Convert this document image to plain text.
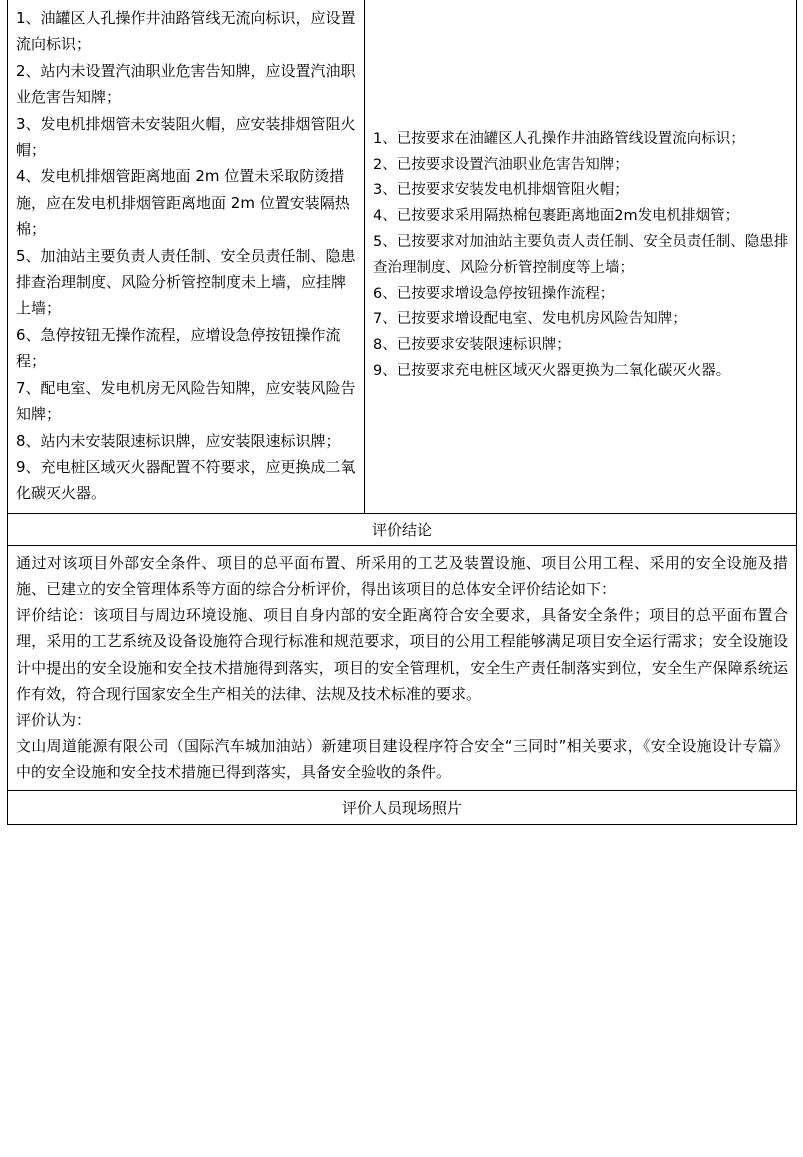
1、油罐区人孔操作井油路管线无流向标识，应设置流向标识；

2、站内未设置汽油职业危害告知牌，应设置汽油职业危害告知牌；

3、发电机排烟管未安装阻火帽，应安装排烟管阻火帽；

4、发电机排烟管距离地面 2m 位置未采取防烫措施，应在发电机排烟管距离地面 2m 位置安装隔热棉；

5、加油站主要负责人责任制、安全员责任制、隐患排查治理制度、风险分析管控制度未上墙，应挂牌上墙；

6、急停按钮无操作流程，应增设急停按钮操作流程；

7、配电室、发电机房无风险告知牌，应安装风险告知牌；

8、站内未安装限速标识牌，应安装限速标识牌；

9、充电桩区域灭火器配置不符要求，应更换成二氧化碳灭火器。

1、已按要求在油罐区人孔操作井油路管线设置流向标识；

2、已按要求设置汽油职业危害告知牌；

3、已按要求安装发电机排烟管阻火帽；

4、已按要求采用隔热棉包裹距离地面2m发电机排烟管；

5、已按要求对加油站主要负责人责任制、安全员责任制、隐患排查治理制度、风险分析管控制度等上墙；

6、已按要求增设急停按钮操作流程；

7、已按要求增设配电室、发电机房风险告知牌；

8、已按要求安装限速标识牌；

9、已按要求充电桩区域灭火器更换为二氧化碳灭火器。

评价结论

通过对该项目外部安全条件、项目的总平面布置、所采用的工艺及装置设施、项目公用工程、采用的安全设施及措施、已建立的安全管理体系等方面的综合分析评价，得出该项目的总体安全评价结论如下：

评价结论：该项目与周边环境设施、项目自身内部的安全距离符合安全要求，具备安全条件；项目的总平面布置合理，采用的工艺系统及设备设施符合现行标准和规范要求，项目的公用工程能够满足项目安全运行需求；安全设施设计中提出的安全设施和安全技术措施得到落实，项目的安全管理机，安全生产责任制落实到位，安全生产保障系统运作有效，符合现行国家安全生产相关的法律、法规及技术标准的要求。

评价认为：

文山周道能源有限公司（国际汽车城加油站）新建项目建设程序符合安全“三同时”相关要求，《安全设施设计专篇》中的安全设施和安全技术措施已得到落实，具备安全验收的条件。

评价人员现场照片
